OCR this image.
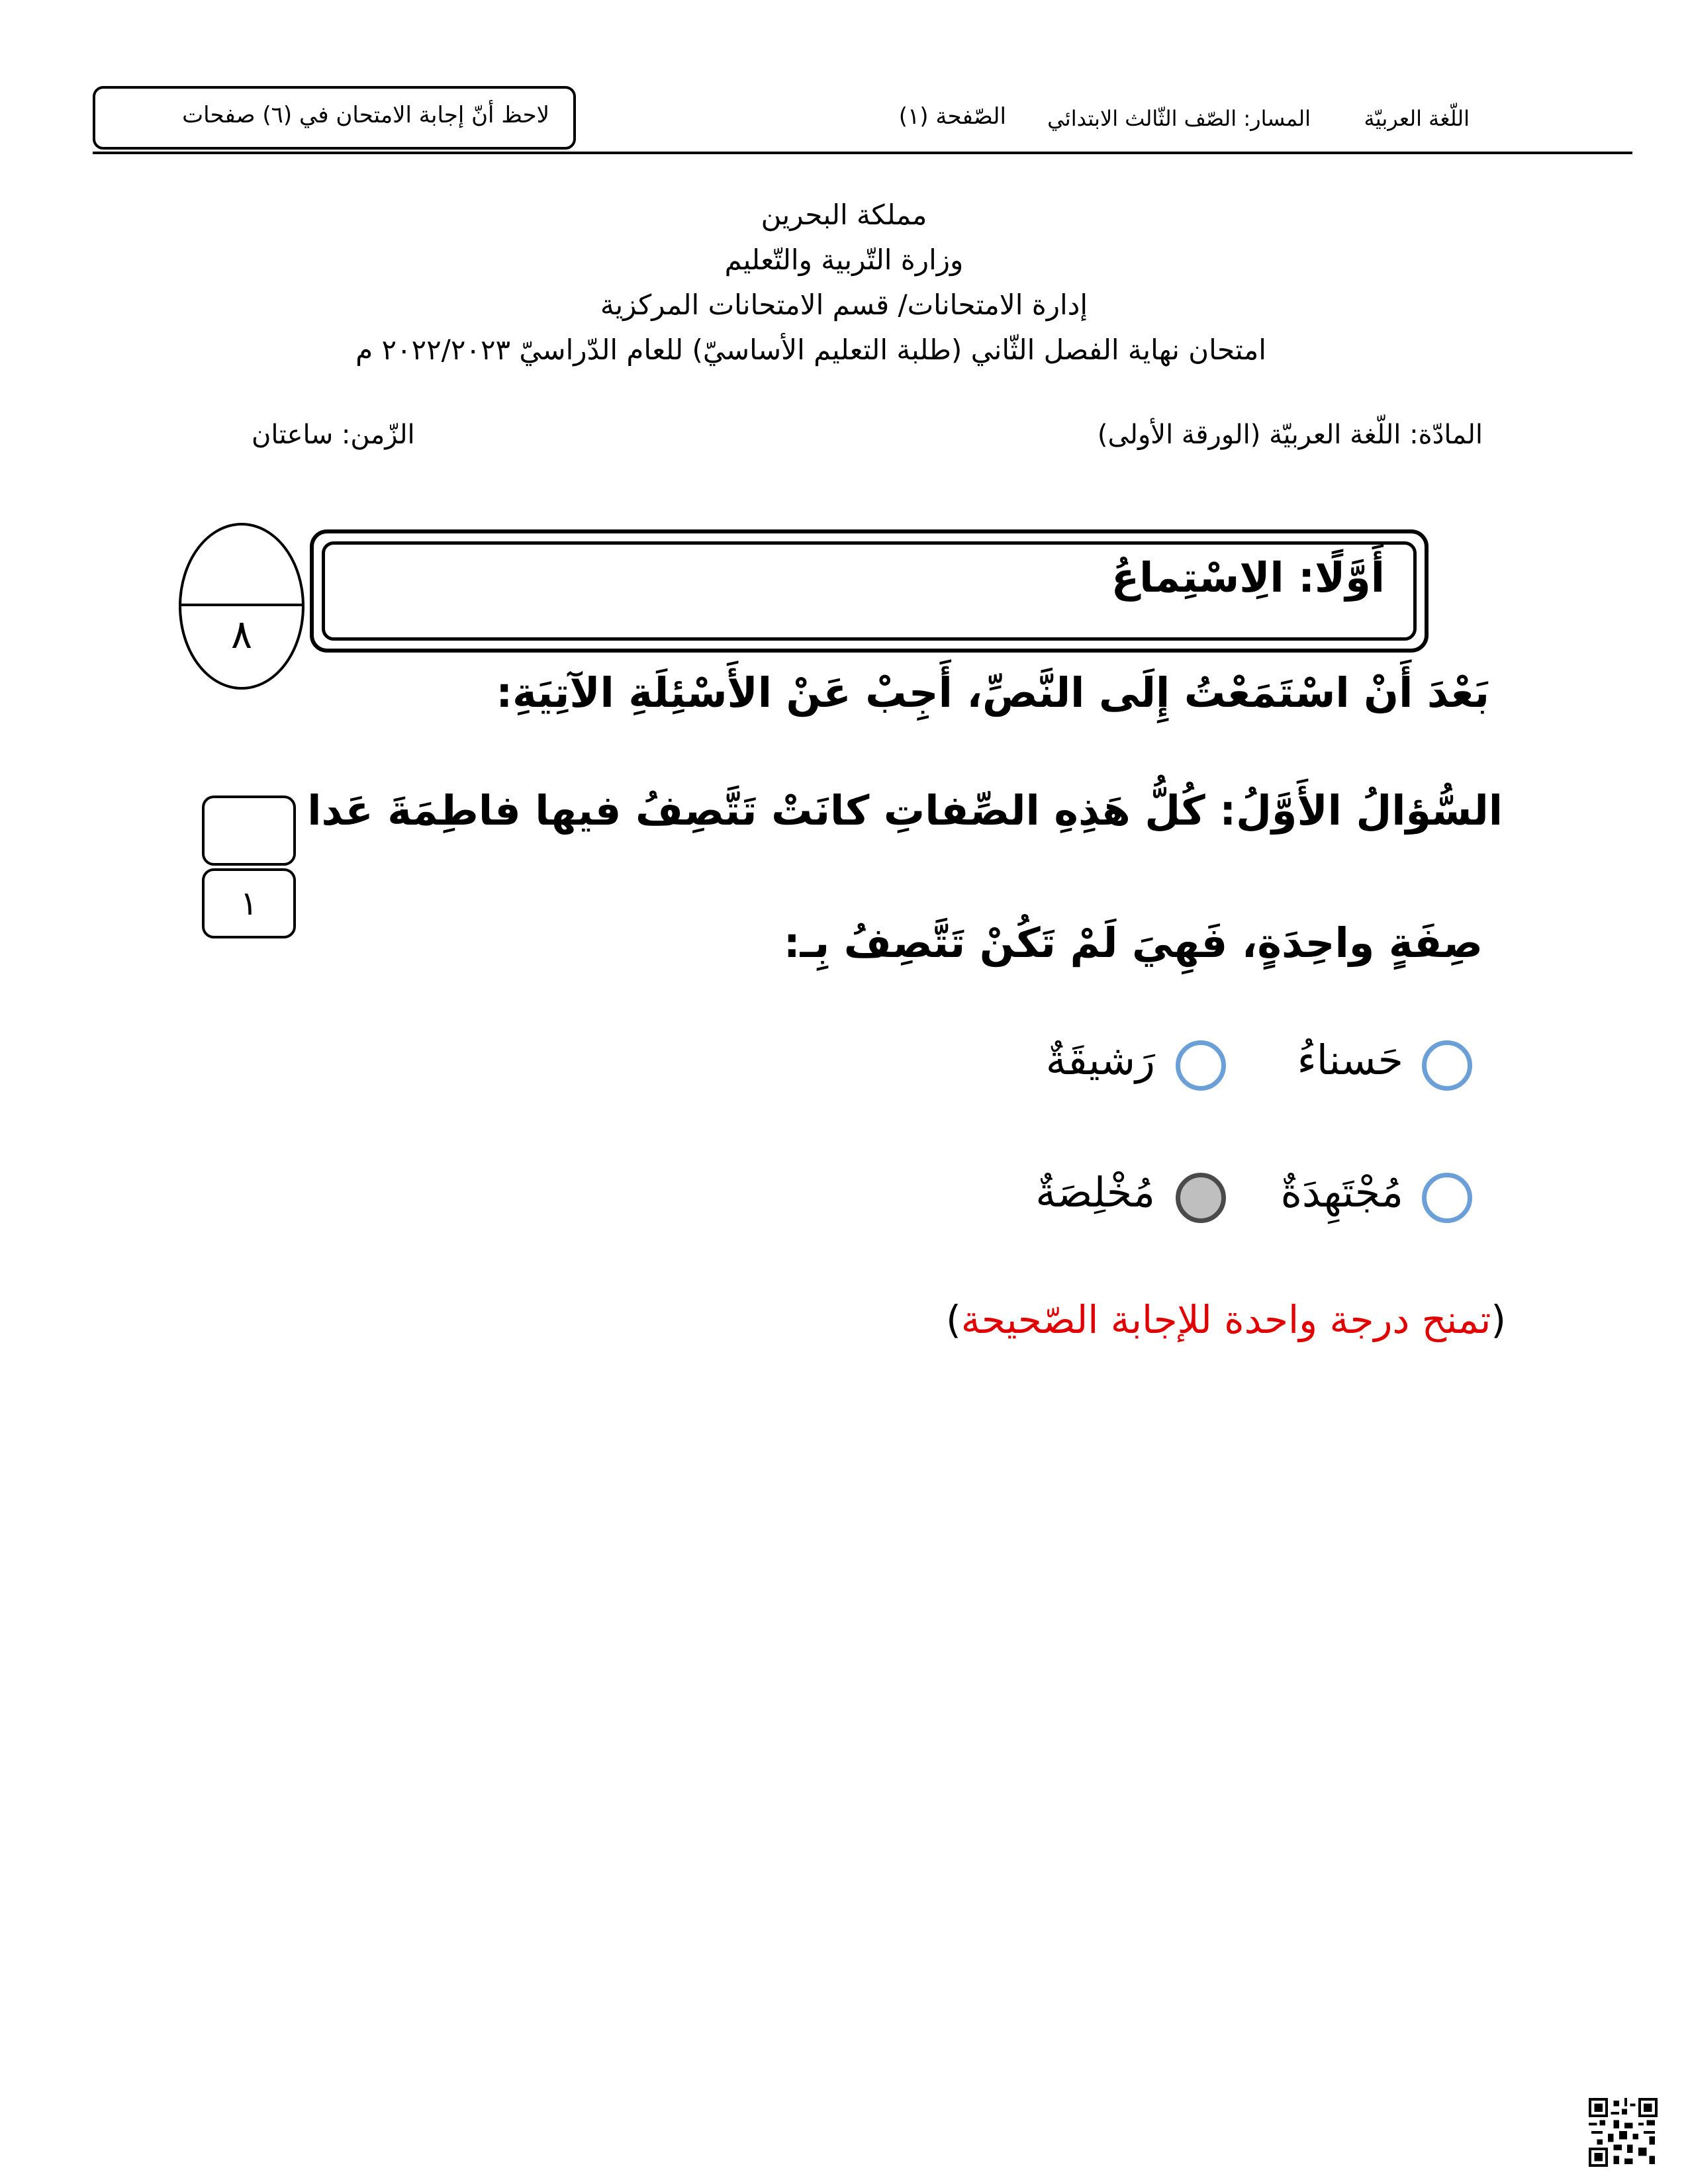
لاحظ أنّ إجابة الامتحان في (٦) صفحات	اللّغة العربيّة
المسار: الصّف الثّالث الابتدائي
الصّفحة (١)
مملكة البحرين
وزارة التّربية والتّعليم
إدارة الامتحانات/ قسم الامتحانات المركزية
امتحان نهاية الفصل الثّاني (طلبة التعليم الأساسيّ) للعام الدّراسيّ ٢٠٢٢/٢٠٢٣ م
المادّة: اللّغة العربيّة (الورقة الأولى)
الزّمن: ساعتان
٨
أَوَّلًا: الِاسْتِماعُ
بَعْدَ أَنْ اسْتَمَعْتُ إِلَى النَّصِّ، أَجِبْ عَنْ الأَسْئِلَةِ الآتِيَةِ:
١
السُّؤالُ الأَوَّلُ: كُلُّ هَذِهِ الصِّفاتِ كانَتْ تَتَّصِفُ فيها فاطِمَةَ عَدا
صِفَةٍ واحِدَةٍ، فَهِيَ لَمْ تَكُنْ تَتَّصِفُ بِـ:
حَسناءُ
رَشيقَةٌ
مُجْتَهِدَةٌ
مُخْلِصَةٌ
(تمنح درجة واحدة للإجابة الصّحيحة)
